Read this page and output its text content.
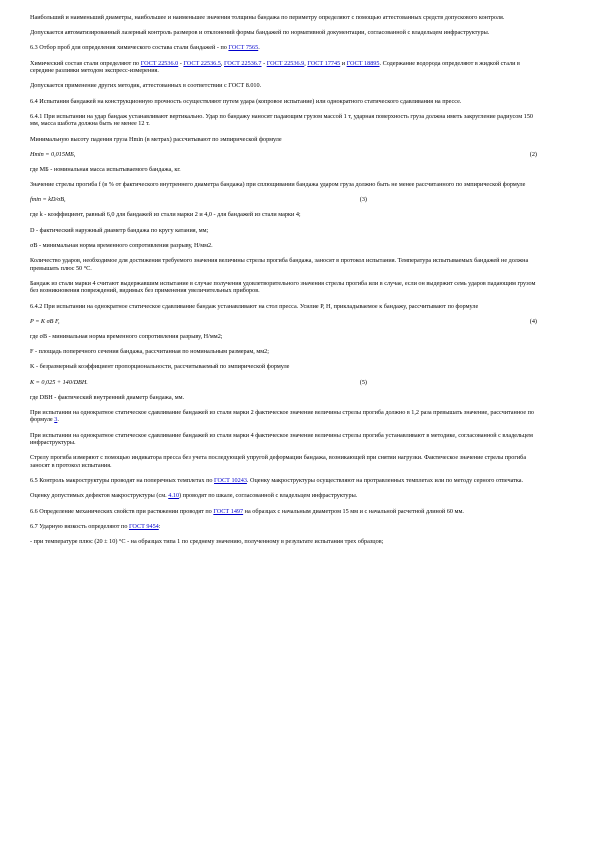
Наибольший и наименьший диаметры, наибольшее и наименьшее значения толщины бандажа по периметру определяют с помощью аттестованных средств допускового контроля.

Допускается автоматизированный лазерный контроль размеров и отклонений формы бандажей по нормативной документации, согласованной с владельцем инфраструктуры.

6.3 Отбор проб для определения химического состава стали бандажей - по ГОСТ 7565.

Химический состав стали определяют по ГОСТ 22536.0 - ГОСТ 22536.5, ГОСТ 22536.7 - ГОСТ 22536.9, ГОСТ 17745 и ГОСТ 18895. Содержание водорода определяют в жидкой стали в середине разливки методом экспресс-измерения.

Допускается применение других методик, аттестованных в соответствии с ГОСТ 8.010.

6.4 Испытания бандажей на конструкционную прочность осуществляют путем удара (копровое испытание) или однократного статического сдавливания на прессе.

6.4.1 При испытании на удар бандаж устанавливают вертикально. Удар по бандажу наносят падающим грузом массой 1 т, ударная поверхность груза должна иметь закругление радиусом 150 мм, масса шабота должна быть не менее 12 т.

Минимальную высоту падения груза Hmin (в метрах) рассчитывают по эмпирической формуле

Hmin = 0,015MБ,	(2)

где MБ - номинальная масса испытываемого бандажа, кг.

Значение стрелы прогиба f (в % от фактического внутреннего диаметра бандажа) при сплющивании бандажа ударом груза должно быть не менее рассчитанного по эмпирической формуле

fmin = kD/σB,	(3)

где k - коэффициент, равный 6,0 для бандажей из стали марки 2 и 4,0 - для бандажей из стали марки 4;

D - фактический наружный диаметр бандажа по кругу катания, мм;

σB - минимальная норма временного сопротивления разрыву, Н/мм2.

Количество ударов, необходимое для достижения требуемого значения величины стрелы прогиба бандажа, заносят в протокол испытания. Температура испытываемых бандажей не должна превышать плюс 50 °С.

Бандаж из стали марки 4 считают выдержавшим испытание в случае получения удовлетворительного значения стрелы прогиба или в случае, если он выдержит семь ударов падающим грузом без возникновения повреждений, видимых без применения увеличительных приборов.

6.4.2 При испытании на однократное статическое сдавливание бандаж устанавливают на стол пресса. Усилие P, Н, прикладываемое к бандажу, рассчитывают по формуле

P = K σB F,	(4)

где σB - минимальная норма временного сопротивления разрыву, Н/мм2;

F - площадь поперечного сечения бандажа, рассчитанная по номинальным размерам, мм2;

K - безразмерный коэффициент пропорциональности, рассчитываемый по эмпирической формуле

K = 0,025 + 140/DВН.	(5)

где DВН - фактический внутренний диаметр бандажа, мм.

При испытании на однократное статическое сдавливание бандажей из стали марки 2 фактическое значение величины стрелы прогиба должно в 1,2 раза превышать значение, рассчитанное по формуле 3.

При испытании на однократное статическое сдавливание бандажей из стали марки 4 фактическое значение величины стрелы прогиба устанавливают в методике, согласованной с владельцем инфраструктуры.

Стрелу прогиба измеряют с помощью индикатора пресса без учета последующей упругой деформации бандажа, возникающей при снятии нагрузки. Фактическое значение стрелы прогиба заносят в протокол испытания.

6.5 Контроль макроструктуры проводят на поперечных темплетах по ГОСТ 10243. Оценку макроструктуры осуществляют на протравленных темплетах или по методу серного отпечатка.

Оценку допустимых дефектов макроструктуры (см. 4.10) проводят по шкале, согласованной с владельцем инфраструктуры.

6.6 Определение механических свойств при растяжении проводят по ГОСТ 1497 на образцах с начальным диаметром 15 мм и с начальной расчетной длиной 60 мм.

6.7 Ударную вязкость определяют по ГОСТ 9454:

- при температуре плюс (20 ± 10) °С - на образцах типа 1 по среднему значению, полученному в результате испытания трех образцов;
